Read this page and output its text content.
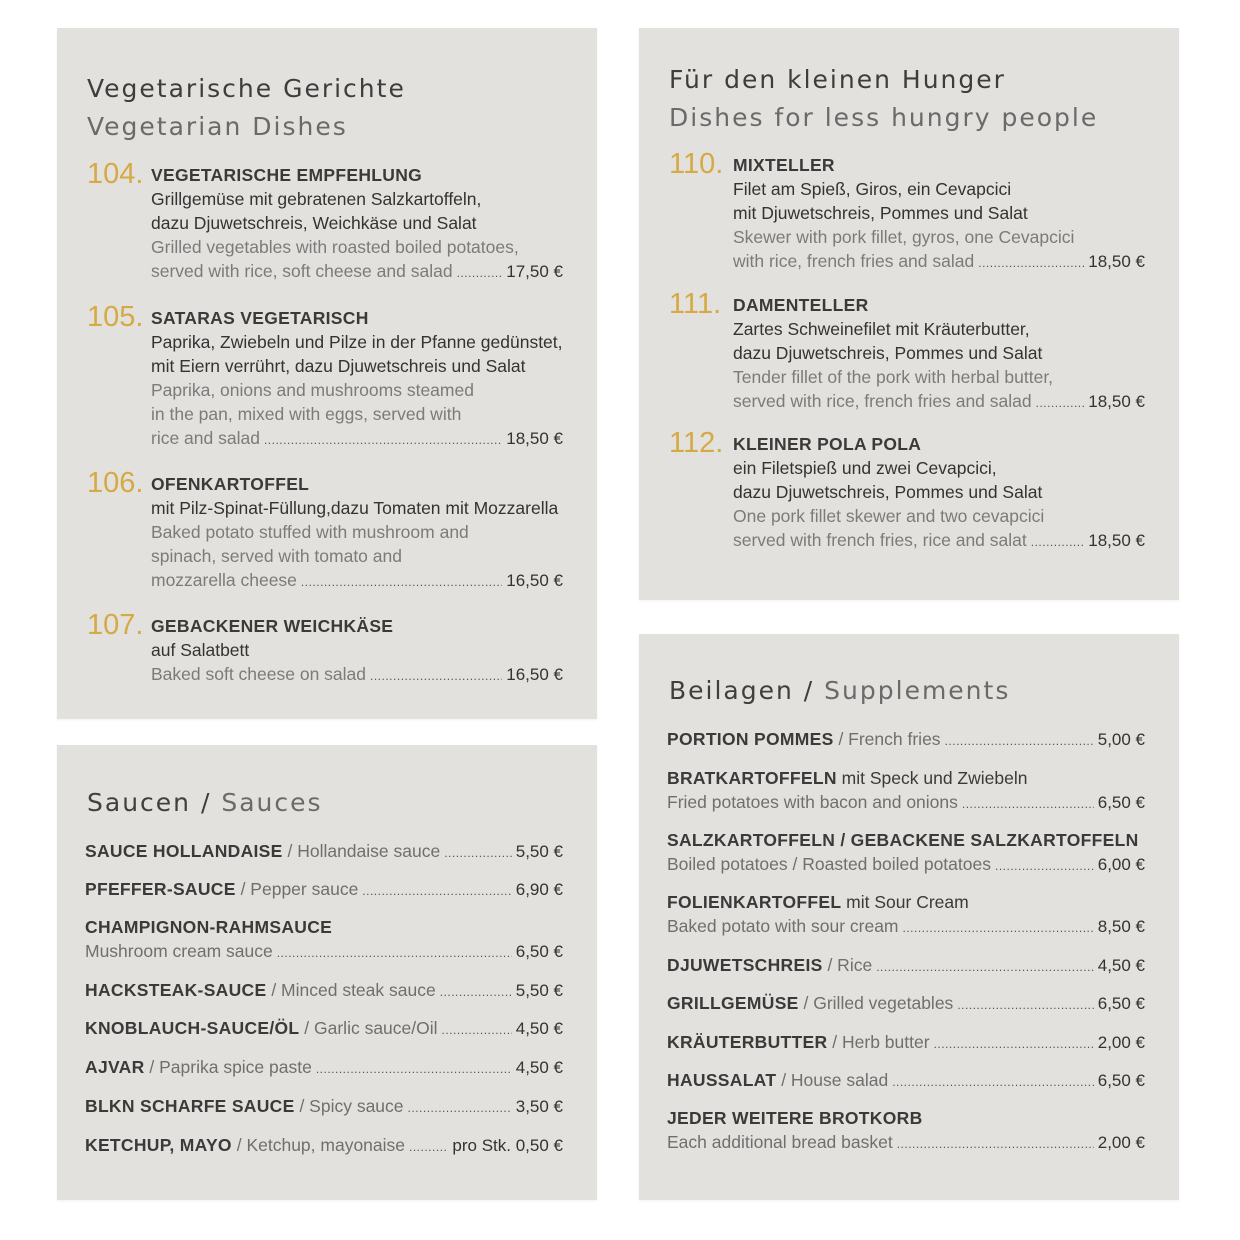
Vegetarische Gerichte
Vegetarian Dishes
104. VEGETARISCHE EMPFEHLUNG
Grillgemüse mit gebratenen Salzkartoffeln,
dazu Djuwetschreis, Weichkäse und Salat
Grilled vegetables with roasted boiled potatoes,
served with rice, soft cheese and salad .....	17,50 €
105. SATARAS VEGETARISCH
Paprika, Zwiebeln und Pilze in der Pfanne gedünstet,
mit Eiern verrührt, dazu Djuwetschreis und Salat
Paprika, onions and mushrooms steamed
in the pan, mixed with eggs, served with
rice and salad .....	18,50 €
106. OFENKARTOFFEL
mit Pilz-Spinat-Füllung,dazu Tomaten mit Mozzarella
Baked potato stuffed with mushroom and
spinach, served with tomato and
mozzarella cheese .....	16,50 €
107. GEBACKENER WEICHKÄSE
auf Salatbett
Baked soft cheese on salad .....	16,50 €
Für den kleinen Hunger
Dishes for less hungry people
110. MIXTELLER
Filet am Spieß, Giros, ein Cevapcici
mit Djuwetschreis, Pommes und Salat
Skewer with pork fillet, gyros, one Cevapcici
with rice, french fries and salad .....	18,50 €
111. DAMENTELLER
Zartes Schweinefilet mit Kräuterbutter,
dazu Djuwetschreis, Pommes und Salat
Tender fillet of the pork with herbal butter,
served with rice, french fries and salad .....	18,50 €
112. KLEINER POLA POLA
ein Filetspieß und zwei Cevapcici,
dazu Djuwetschreis, Pommes und Salat
One pork fillet skewer and two cevapcici
served with french fries, rice and salat .....	18,50 €
Saucen / Sauces
SAUCE HOLLANDAISE / Hollandaise sauce .....	5,50 €
PFEFFER-SAUCE / Pepper sauce .....	6,90 €
CHAMPIGNON-RAHMSAUCE
Mushroom cream sauce .....	6,50 €
HACKSTEAK-SAUCE / Minced steak sauce .....	5,50 €
KNOBLAUCH-SAUCE/ÖL / Garlic sauce/Oil .....	4,50 €
AJVAR / Paprika spice paste .....	4,50 €
BLKN SCHARFE SAUCE / Spicy sauce .....	3,50 €
KETCHUP, MAYO / Ketchup, mayonaise .....	pro Stk. 0,50 €
Beilagen / Supplements
PORTION POMMES / French fries .....	5,00 €
BRATKARTOFFELN mit Speck und Zwiebeln
Fried potatoes with bacon and onions .....	6,50 €
SALZKARTOFFELN / GEBACKENE SALZKARTOFFELN
Boiled potatoes / Roasted boiled potatoes .....	6,00 €
FOLIENKARTOFFEL mit Sour Cream
Baked potato with sour cream .....	8,50 €
DJUWETSCHREIS / Rice .....	4,50 €
GRILLGEMÜSE / Grilled vegetables .....	6,50 €
KRÄUTERBUTTER / Herb butter .....	2,00 €
HAUSSALAT / House salad .....	6,50 €
JEDER WEITERE BROTKORB
Each additional bread basket .....	2,00 €
